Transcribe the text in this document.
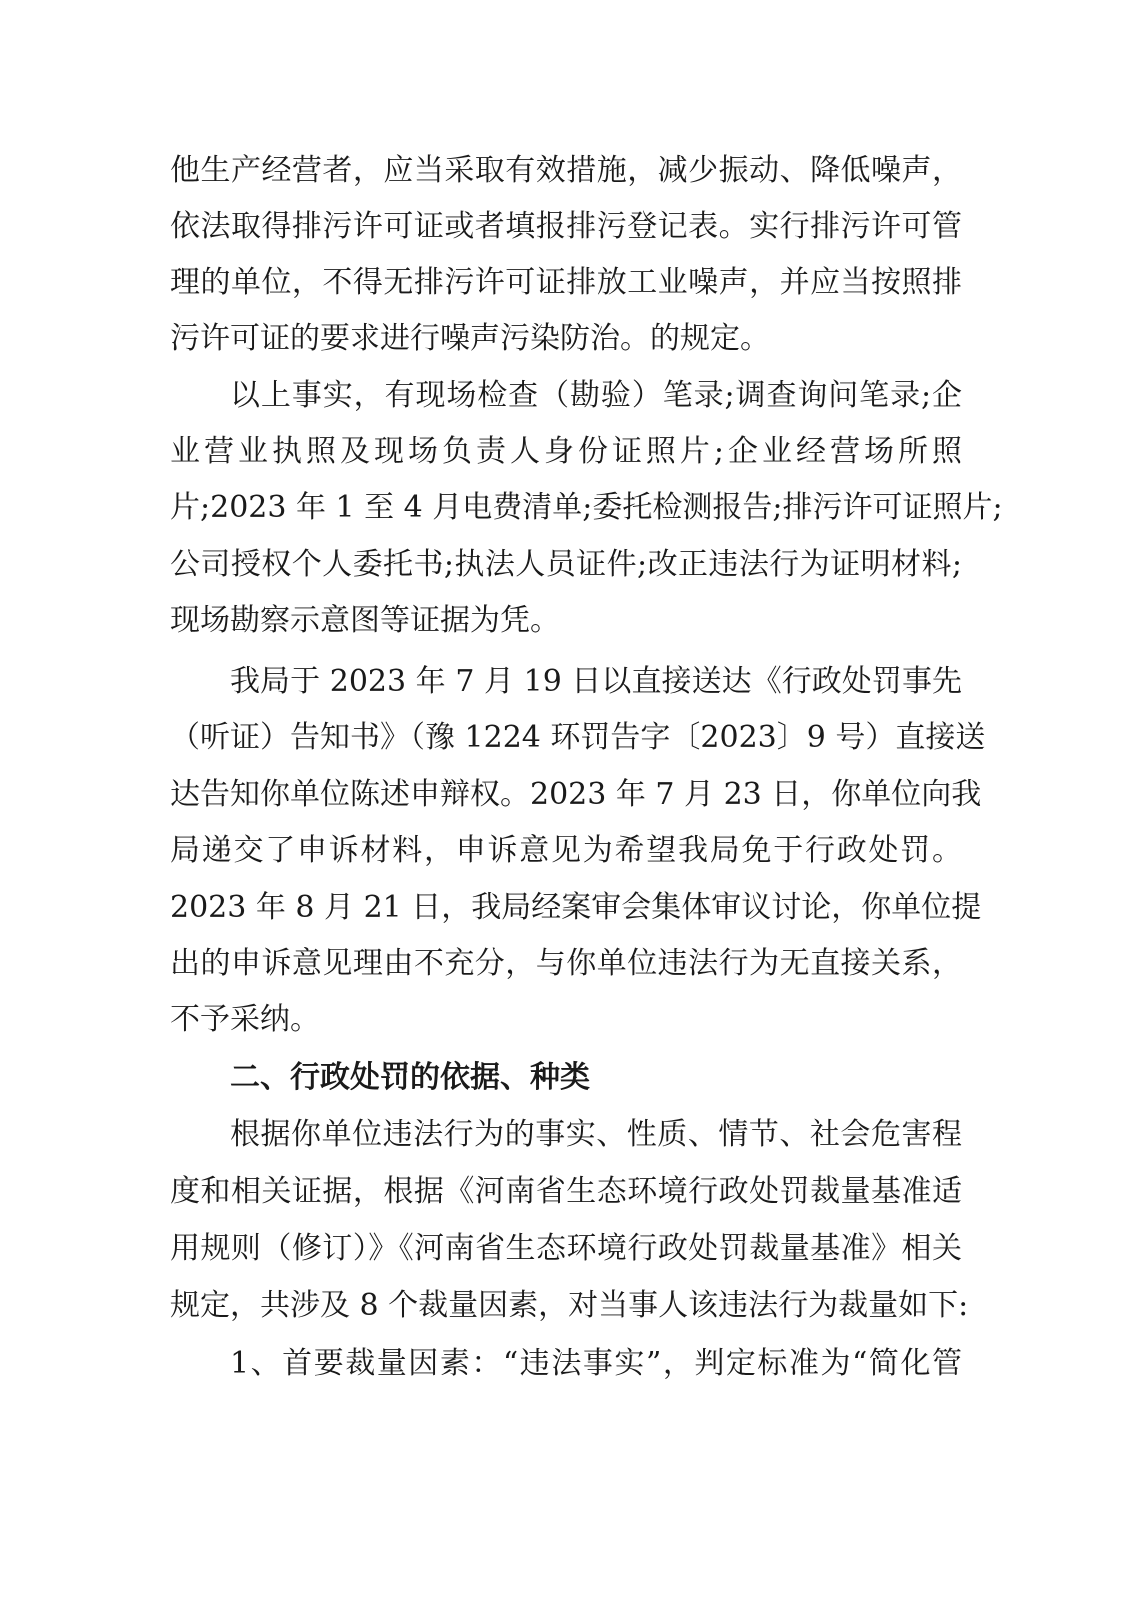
他生产经营者，应当采取有效措施，减少振动、降低噪声，
依法取得排污许可证或者填报排污登记表。实行排污许可管
理的单位，不得无排污许可证排放工业噪声，并应当按照排
污许可证的要求进行噪声污染防治。的规定。
以上事实，有现场检查（勘验）笔录;调查询问笔录;企
业营业执照及现场负责人身份证照片;企业经营场所照
片;2023 年 1 至 4 月电费清单;委托检测报告;排污许可证照片;
公司授权个人委托书;执法人员证件;改正违法行为证明材料;
现场勘察示意图等证据为凭。
我局于 2023 年 7 月 19 日以直接送达《行政处罚事先
（听证）告知书》（豫 1224 环罚告字〔2023〕9 号）直接送
达告知你单位陈述申辩权。2023 年 7 月 23 日，你单位向我
局递交了申诉材料，申诉意见为希望我局免于行政处罚。
2023 年 8 月 21 日，我局经案审会集体审议讨论，你单位提
出的申诉意见理由不充分，与你单位违法行为无直接关系，
不予采纳。
二、行政处罚的依据、种类
根据你单位违法行为的事实、性质、情节、社会危害程
度和相关证据，根据《河南省生态环境行政处罚裁量基准适
用规则（修订）》《河南省生态环境行政处罚裁量基准》相关
规定，共涉及 8 个裁量因素，对当事人该违法行为裁量如下:
1、首要裁量因素：“违法事实”，判定标准为“简化管
